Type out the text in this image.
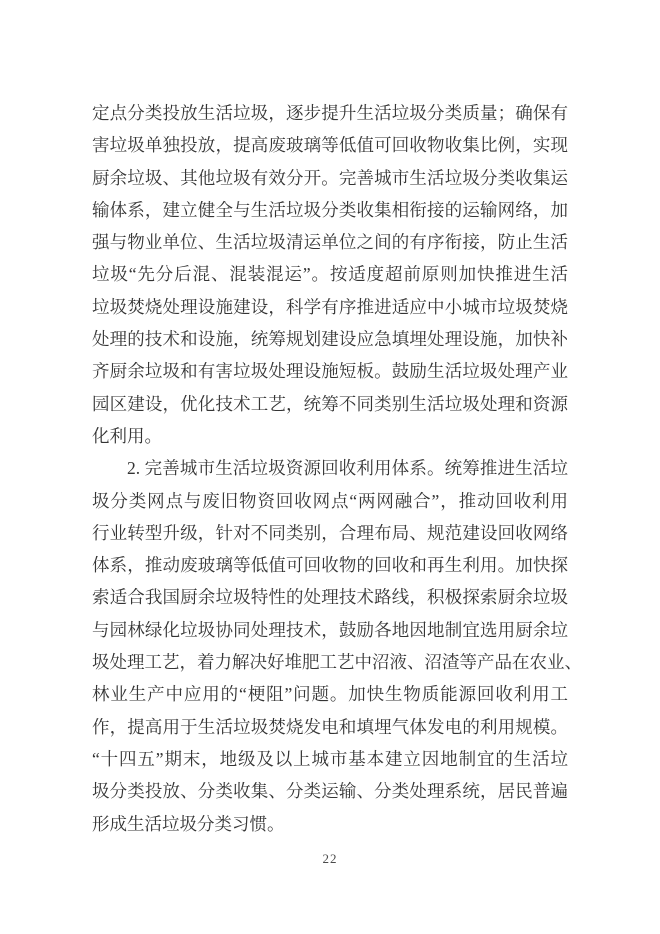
定点分类投放生活垃圾，逐步提升生活垃圾分类质量；确保有
害垃圾单独投放，提高废玻璃等低值可回收物收集比例，实现
厨余垃圾、其他垃圾有效分开。完善城市生活垃圾分类收集运
输体系，建立健全与生活垃圾分类收集相衔接的运输网络，加
强与物业单位、生活垃圾清运单位之间的有序衔接，防止生活
垃圾“先分后混、混装混运”。按适度超前原则加快推进生活
垃圾焚烧处理设施建设，科学有序推进适应中小城市垃圾焚烧
处理的技术和设施，统筹规划建设应急填埋处理设施，加快补
齐厨余垃圾和有害垃圾处理设施短板。鼓励生活垃圾处理产业
园区建设，优化技术工艺，统筹不同类别生活垃圾处理和资源
化利用。
2. 完善城市生活垃圾资源回收利用体系。统筹推进生活垃
圾分类网点与废旧物资回收网点“两网融合”，推动回收利用
行业转型升级，针对不同类别，合理布局、规范建设回收网络
体系，推动废玻璃等低值可回收物的回收和再生利用。加快探
索适合我国厨余垃圾特性的处理技术路线，积极探索厨余垃圾
与园林绿化垃圾协同处理技术，鼓励各地因地制宜选用厨余垃
圾处理工艺，着力解决好堆肥工艺中沼液、沼渣等产品在农业、
林业生产中应用的“梗阻”问题。加快生物质能源回收利用工
作，提高用于生活垃圾焚烧发电和填埋气体发电的利用规模。
“十四五”期末，地级及以上城市基本建立因地制宜的生活垃
圾分类投放、分类收集、分类运输、分类处理系统，居民普遍
形成生活垃圾分类习惯。
22
